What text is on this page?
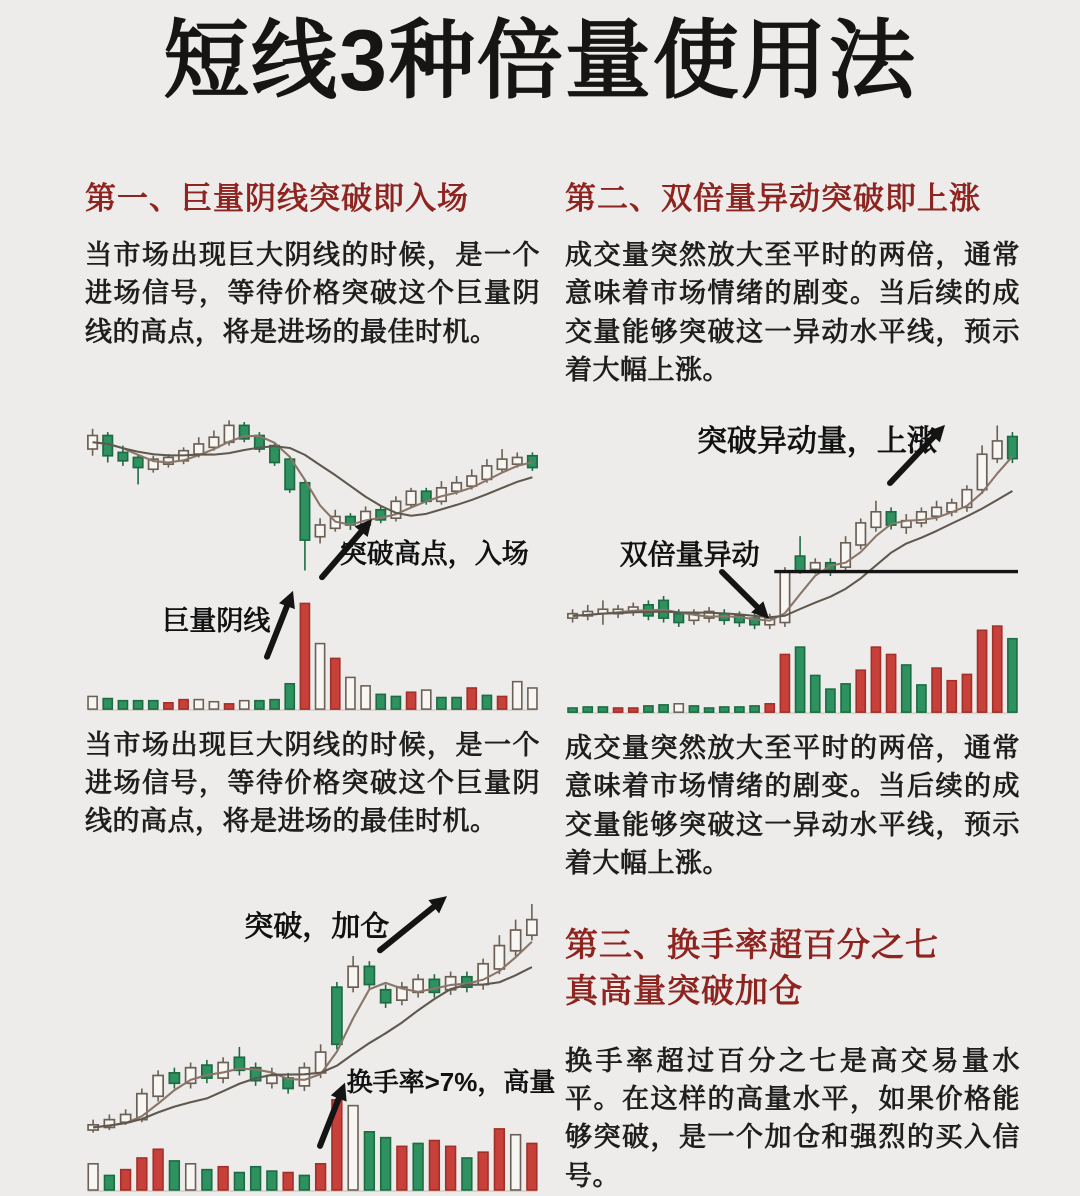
短线3种倍量使用法
第一、巨量阴线突破即入场

当市场出现巨大阴线的时候，是一个进场信号，等待价格突破这个巨量阴线的高点，将是进场的最佳时机。

突破高点，入场
巨量阴线

当市场出现巨大阴线的时候，是一个进场信号，等待价格突破这个巨量阴线的高点，将是进场的最佳时机。

突破，加仓
换手率>7%，高量
第二、双倍量异动突破即上涨

成交量突然放大至平时的两倍，通常意味着市场情绪的剧变。当后续的成交量能够突破这一异动水平线，预示着大幅上涨。

突破异动量，上涨
双倍量异动

成交量突然放大至平时的两倍，通常意味着市场情绪的剧变。当后续的成交量能够突破这一异动水平线，预示着大幅上涨。

第三、换手率超百分之七
真高量突破加仓

换手率超过百分之七是高交易量水平。在这样的高量水平，如果价格能够突破，是一个加仓和强烈的买入信号。
